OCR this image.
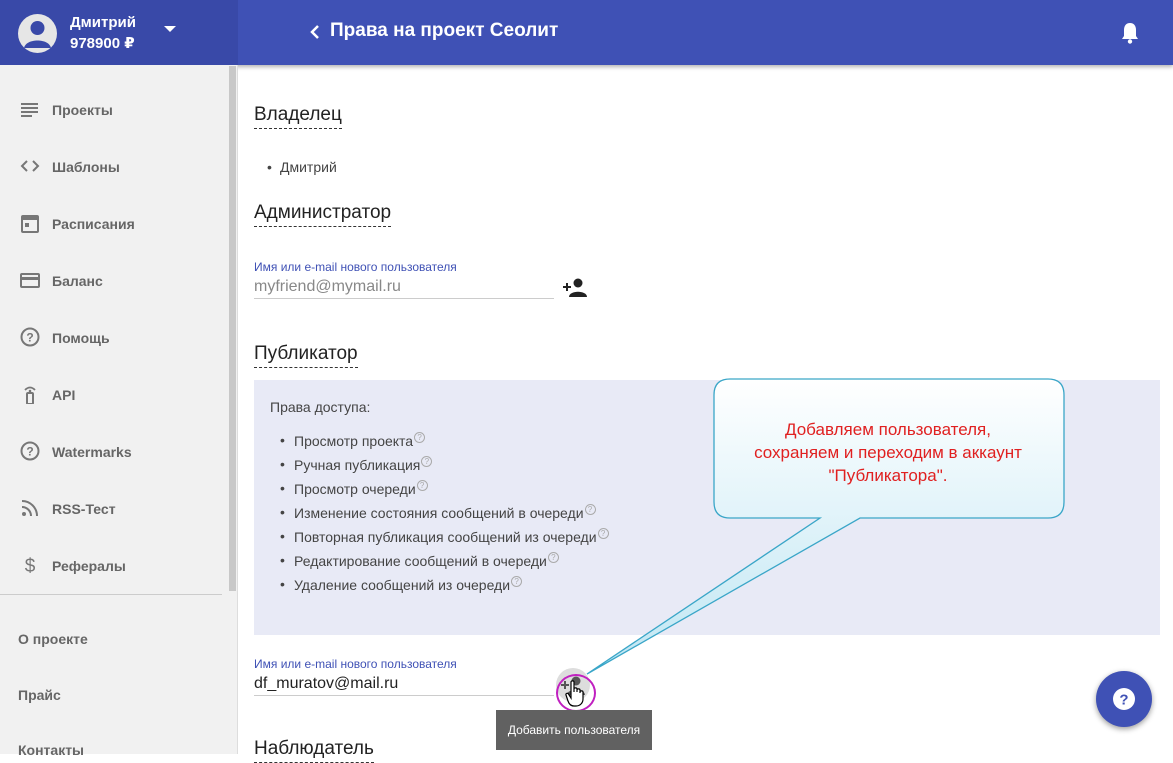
Дмитрий
978900 ₽
Права на проект Сеолит
Проекты
Шаблоны
Расписания
Баланс
? Помощь
API
? Watermarks
RSS-Тест
$ Рефералы
О проекте
Прайс
Контакты
Владелец
• Дмитрий
Администратор
Имя или e-mail нового пользователя
myfriend@mymail.ru
Публикатор
Права доступа:
• Просмотр проекта ?
• Ручная публикация ?
• Просмотр очереди ?
• Изменение состояния сообщений в очереди ?
• Повторная публикация сообщений из очереди ?
• Редактирование сообщений в очереди ?
• Удаление сообщений из очереди ?
Имя или e-mail нового пользователя
df_muratov@mail.ru
Добавить пользователя
Наблюдатель
Добавляем пользователя,
сохраняем и переходим в аккаунт
"Публикатора".
?
